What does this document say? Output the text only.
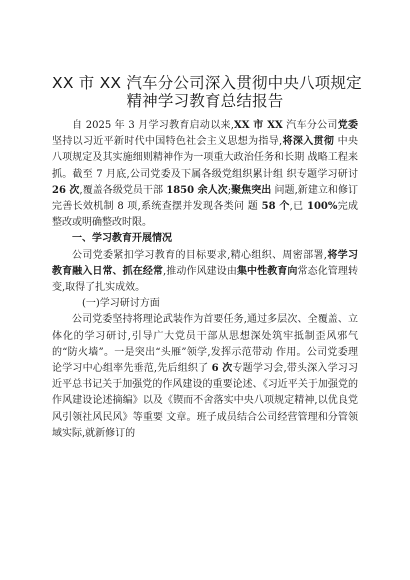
XX 市 XX 汽车分公司深入贯彻中央八项规定
精神学习教育总结报告

自 2025 年 3 月学习教育启动以来,XX 市 XX 汽车分公司党委 坚持以习近平新时代中国特色社会主义思想为指导,将深入贯彻 中央八项规定及其实施细则精神作为一项重大政治任务和长期 战略工程来抓。截至 7 月底,公司党委及下属各级党组织累计组 织专题学习研讨 26 次,覆盖各级党员干部 1850 余人次;聚焦突出 问题,新建立和修订完善长效机制 8 项,系统查摆并发现各类问 题 58 个,已 100%完成整改或明确整改时限。

一、学习教育开展情况

公司党委紧扣学习教育的目标要求,精心组织、周密部署,将学习教育融入日常、抓在经常,推动作风建设由集中性教育向常态化管理转变,取得了扎实成效。

(一)学习研讨方面

公司党委坚持将理论武装作为首要任务,通过多层次、全覆盖、立体化的学习研讨,引导广大党员干部从思想深处筑牢抵制歪风邪气的“防火墙”。一是突出“头雁”领学,发挥示范带动 作用。公司党委理论学习中心组率先垂范,先后组织了 6 次专题学习会,带头深入学习习近平总书记关于加强党的作风建设的重要论述、《习近平关于加强党的作风建设论述摘编》以及《锲而不舍落实中央八项规定精神,以优良党风引领社风民风》等重要 文章。班子成员结合公司经营管理和分管领域实际,就新修订的
